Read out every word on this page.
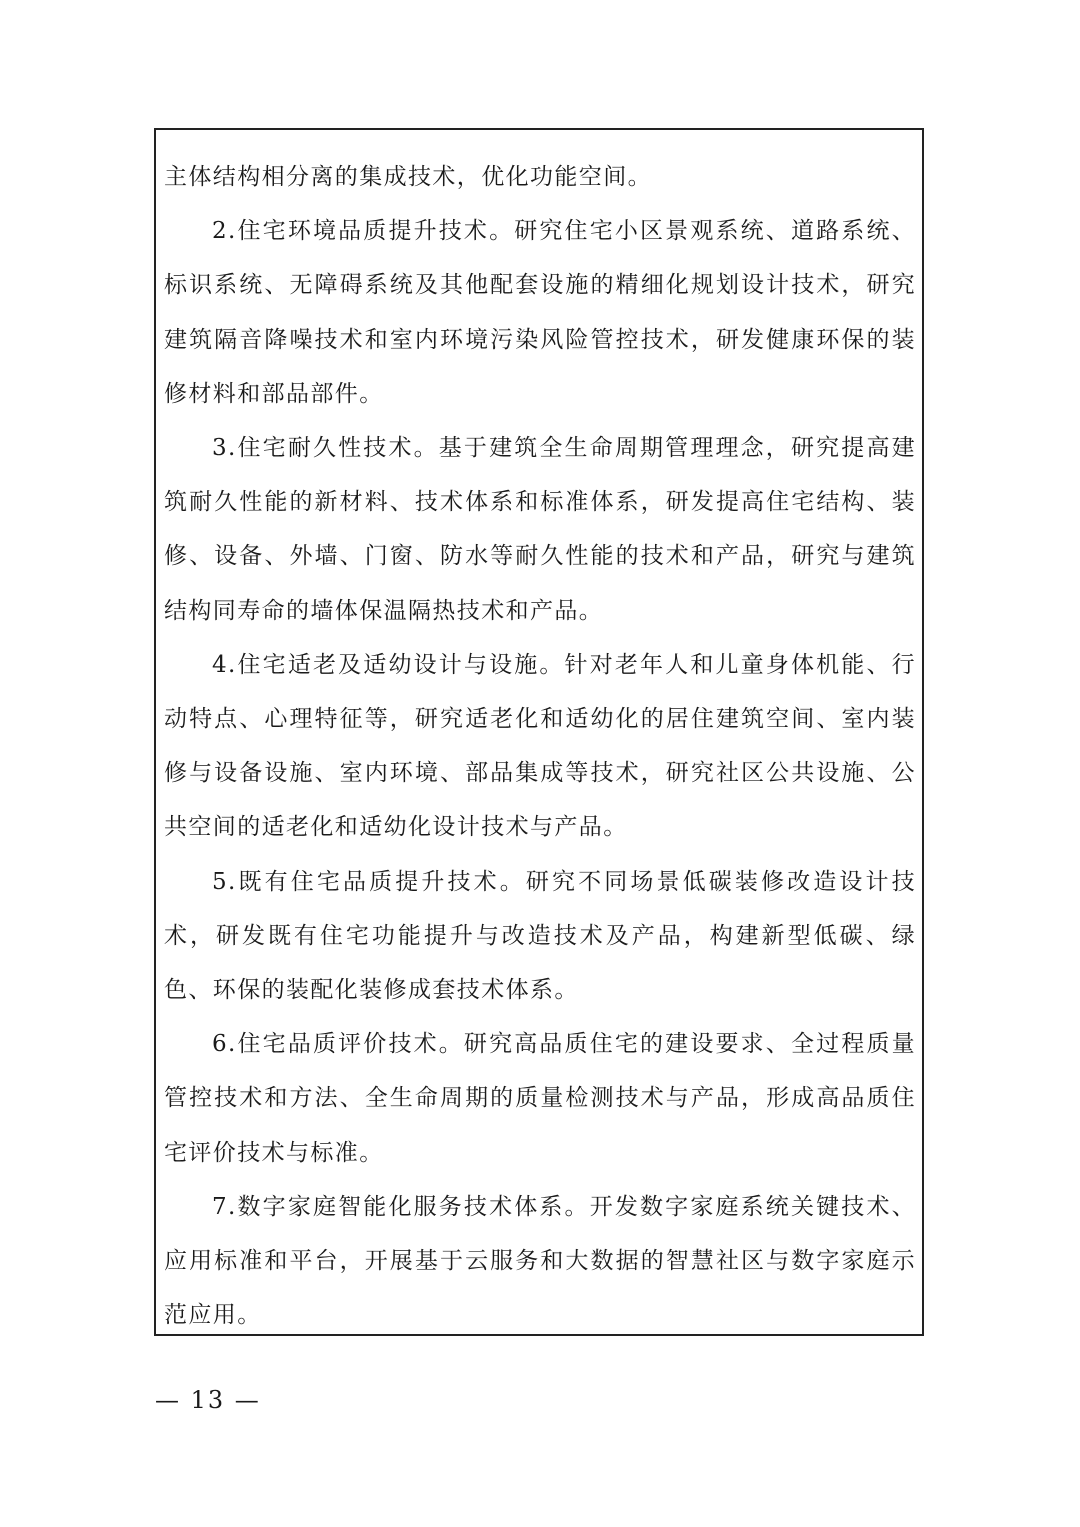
主体结构相分离的集成技术，优化功能空间。

2.住宅环境品质提升技术。研究住宅小区景观系统、道路系统、标识系统、无障碍系统及其他配套设施的精细化规划设计技术，研究建筑隔音降噪技术和室内环境污染风险管控技术，研发健康环保的装修材料和部品部件。

3.住宅耐久性技术。基于建筑全生命周期管理理念，研究提高建筑耐久性能的新材料、技术体系和标准体系，研发提高住宅结构、装修、设备、外墙、门窗、防水等耐久性能的技术和产品，研究与建筑结构同寿命的墙体保温隔热技术和产品。

4.住宅适老及适幼设计与设施。针对老年人和儿童身体机能、行动特点、心理特征等，研究适老化和适幼化的居住建筑空间、室内装修与设备设施、室内环境、部品集成等技术，研究社区公共设施、公共空间的适老化和适幼化设计技术与产品。

5.既有住宅品质提升技术。研究不同场景低碳装修改造设计技术，研发既有住宅功能提升与改造技术及产品，构建新型低碳、绿色、环保的装配化装修成套技术体系。

6.住宅品质评价技术。研究高品质住宅的建设要求、全过程质量管控技术和方法、全生命周期的质量检测技术与产品，形成高品质住宅评价技术与标准。

7.数字家庭智能化服务技术体系。开发数字家庭系统关键技术、应用标准和平台，开展基于云服务和大数据的智慧社区与数字家庭示范应用。

— 13 —
